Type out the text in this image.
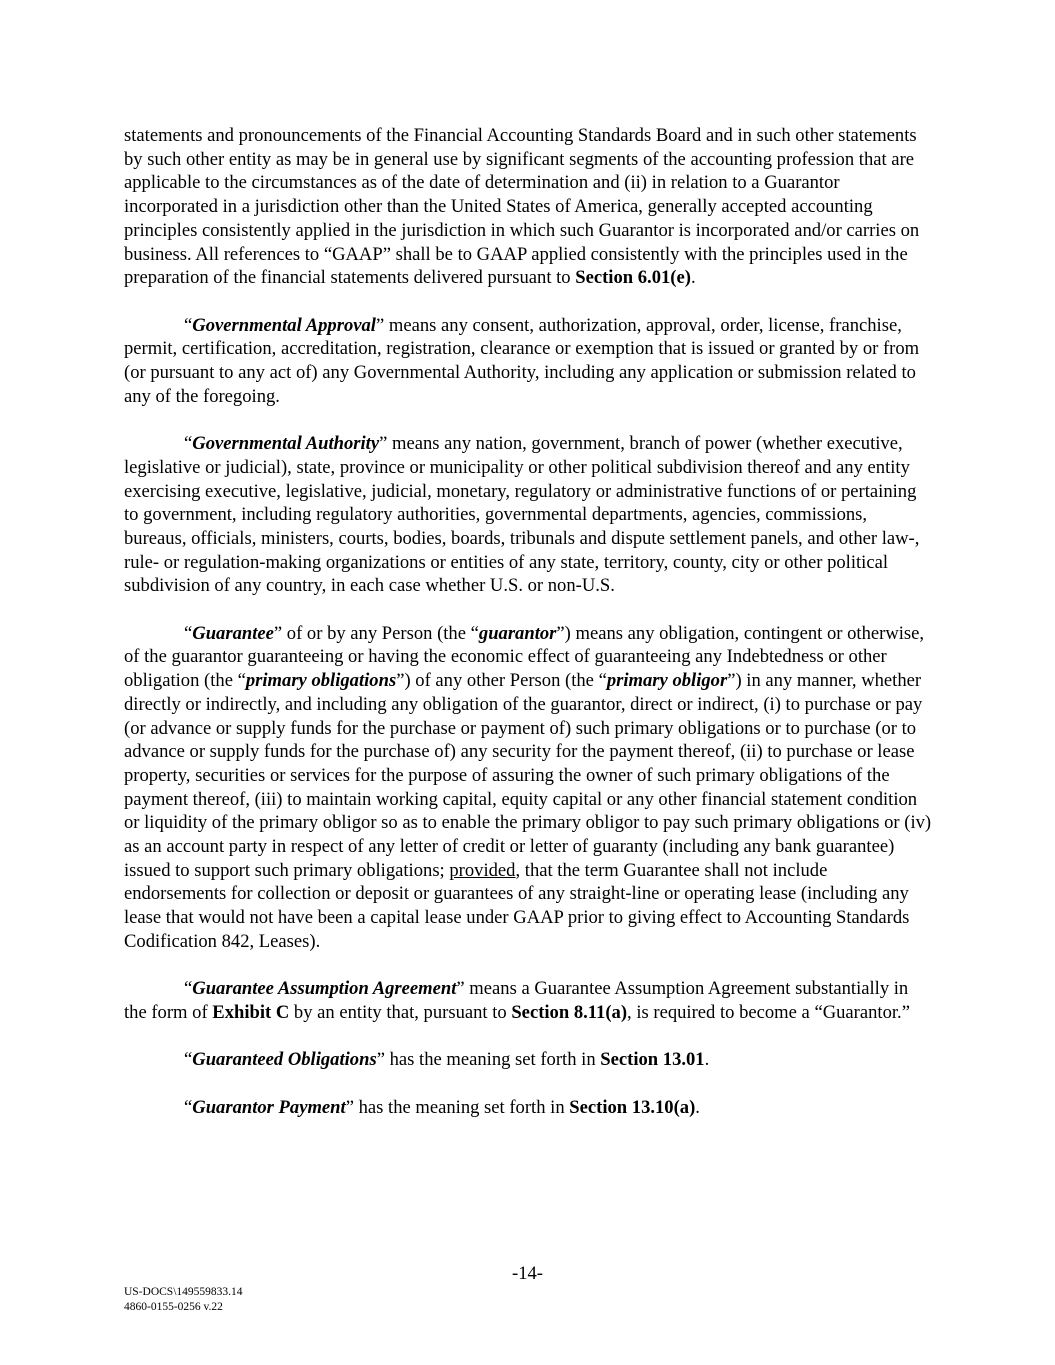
statements and pronouncements of the Financial Accounting Standards Board and in such other statements by such other entity as may be in general use by significant segments of the accounting profession that are applicable to the circumstances as of the date of determination and (ii) in relation to a Guarantor incorporated in a jurisdiction other than the United States of America, generally accepted accounting principles consistently applied in the jurisdiction in which such Guarantor is incorporated and/or carries on business. All references to “GAAP” shall be to GAAP applied consistently with the principles used in the preparation of the financial statements delivered pursuant to Section 6.01(e).

“Governmental Approval” means any consent, authorization, approval, order, license, franchise, permit, certification, accreditation, registration, clearance or exemption that is issued or granted by or from (or pursuant to any act of) any Governmental Authority, including any application or submission related to any of the foregoing.

“Governmental Authority” means any nation, government, branch of power (whether executive, legislative or judicial), state, province or municipality or other political subdivision thereof and any entity exercising executive, legislative, judicial, monetary, regulatory or administrative functions of or pertaining to government, including regulatory authorities, governmental departments, agencies, commissions, bureaus, officials, ministers, courts, bodies, boards, tribunals and dispute settlement panels, and other law-, rule- or regulation-making organizations or entities of any state, territory, county, city or other political subdivision of any country, in each case whether U.S. or non-U.S.

“Guarantee” of or by any Person (the “guarantor”) means any obligation, contingent or otherwise, of the guarantor guaranteeing or having the economic effect of guaranteeing any Indebtedness or other obligation (the “primary obligations”) of any other Person (the “primary obligor”) in any manner, whether directly or indirectly, and including any obligation of the guarantor, direct or indirect, (i) to purchase or pay (or advance or supply funds for the purchase or payment of) such primary obligations or to purchase (or to advance or supply funds for the purchase of) any security for the payment thereof, (ii) to purchase or lease property, securities or services for the purpose of assuring the owner of such primary obligations of the payment thereof, (iii) to maintain working capital, equity capital or any other financial statement condition or liquidity of the primary obligor so as to enable the primary obligor to pay such primary obligations or (iv) as an account party in respect of any letter of credit or letter of guaranty (including any bank guarantee) issued to support such primary obligations; provided, that the term Guarantee shall not include endorsements for collection or deposit or guarantees of any straight-line or operating lease (including any lease that would not have been a capital lease under GAAP prior to giving effect to Accounting Standards Codification 842, Leases).

“Guarantee Assumption Agreement” means a Guarantee Assumption Agreement substantially in the form of Exhibit C by an entity that, pursuant to Section 8.11(a), is required to become a “Guarantor.”

“Guaranteed Obligations” has the meaning set forth in Section 13.01.

“Guarantor Payment” has the meaning set forth in Section 13.10(a).

-14-
US-DOCS\149559833.14
4860-0155-0256 v.22
